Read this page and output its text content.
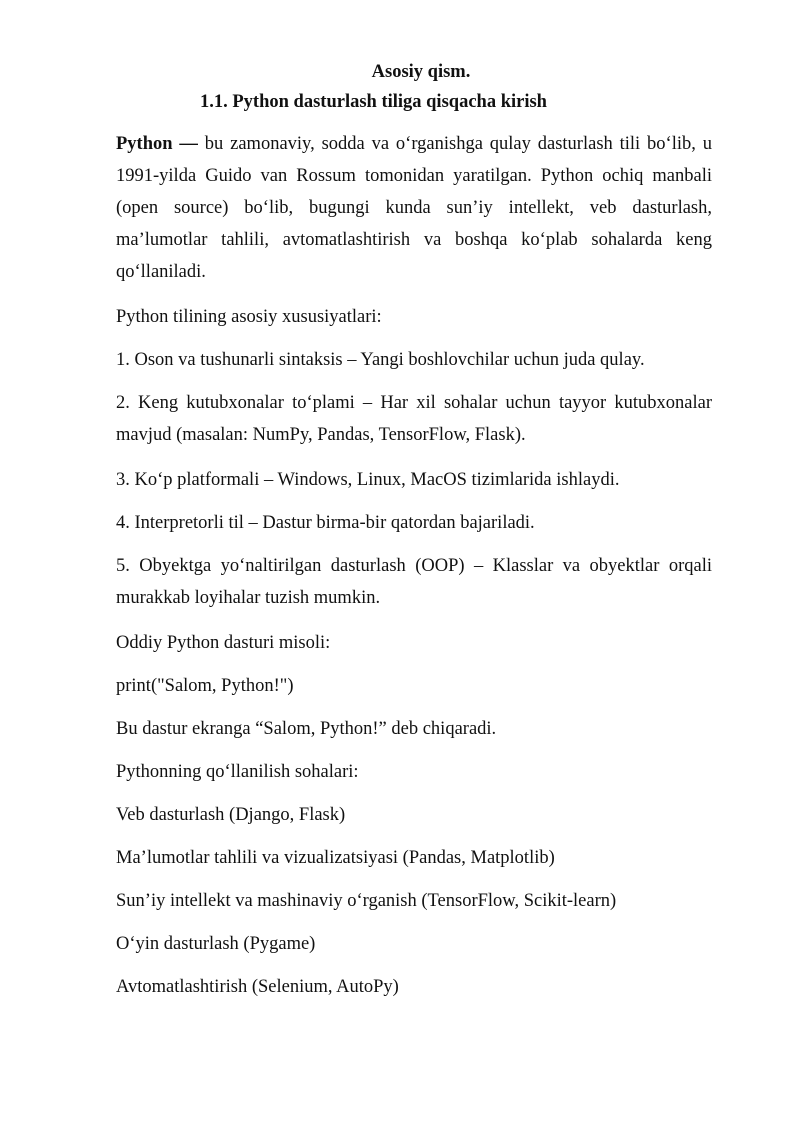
Asosiy qism.

1.1. Python dasturlash tiliga qisqacha kirish

Python — bu zamonaviy, sodda va o‘rganishga qulay dasturlash tili bo‘lib, u 1991-yilda Guido van Rossum tomonidan yaratilgan. Python ochiq manbali (open source) bo‘lib, bugungi kunda sun’iy intellekt, veb dasturlash, ma’lumotlar tahlili, avtomatlashtirish va boshqa ko‘plab sohalarda keng qo‘llaniladi.

Python tilining asosiy xususiyatlari:

1. Oson va tushunarli sintaksis – Yangi boshlovchilar uchun juda qulay.

2. Keng kutubxonalar to‘plami – Har xil sohalar uchun tayyor kutubxonalar mavjud (masalan: NumPy, Pandas, TensorFlow, Flask).

3. Ko‘p platformali – Windows, Linux, MacOS tizimlarida ishlaydi.

4. Interpretorli til – Dastur birma-bir qatordan bajariladi.

5. Obyektga yo‘naltirilgan dasturlash (OOP) – Klasslar va obyektlar orqali murakkab loyihalar tuzish mumkin.

Oddiy Python dasturi misoli:

print("Salom, Python!")

Bu dastur ekranga “Salom, Python!” deb chiqaradi.

Pythonning qo‘llanilish sohalari:

Veb dasturlash (Django, Flask)

Ma’lumotlar tahlili va vizualizatsiyasi (Pandas, Matplotlib)

Sun’iy intellekt va mashinaviy o‘rganish (TensorFlow, Scikit-learn)

O‘yin dasturlash (Pygame)

Avtomatlashtirish (Selenium, AutoPy)
